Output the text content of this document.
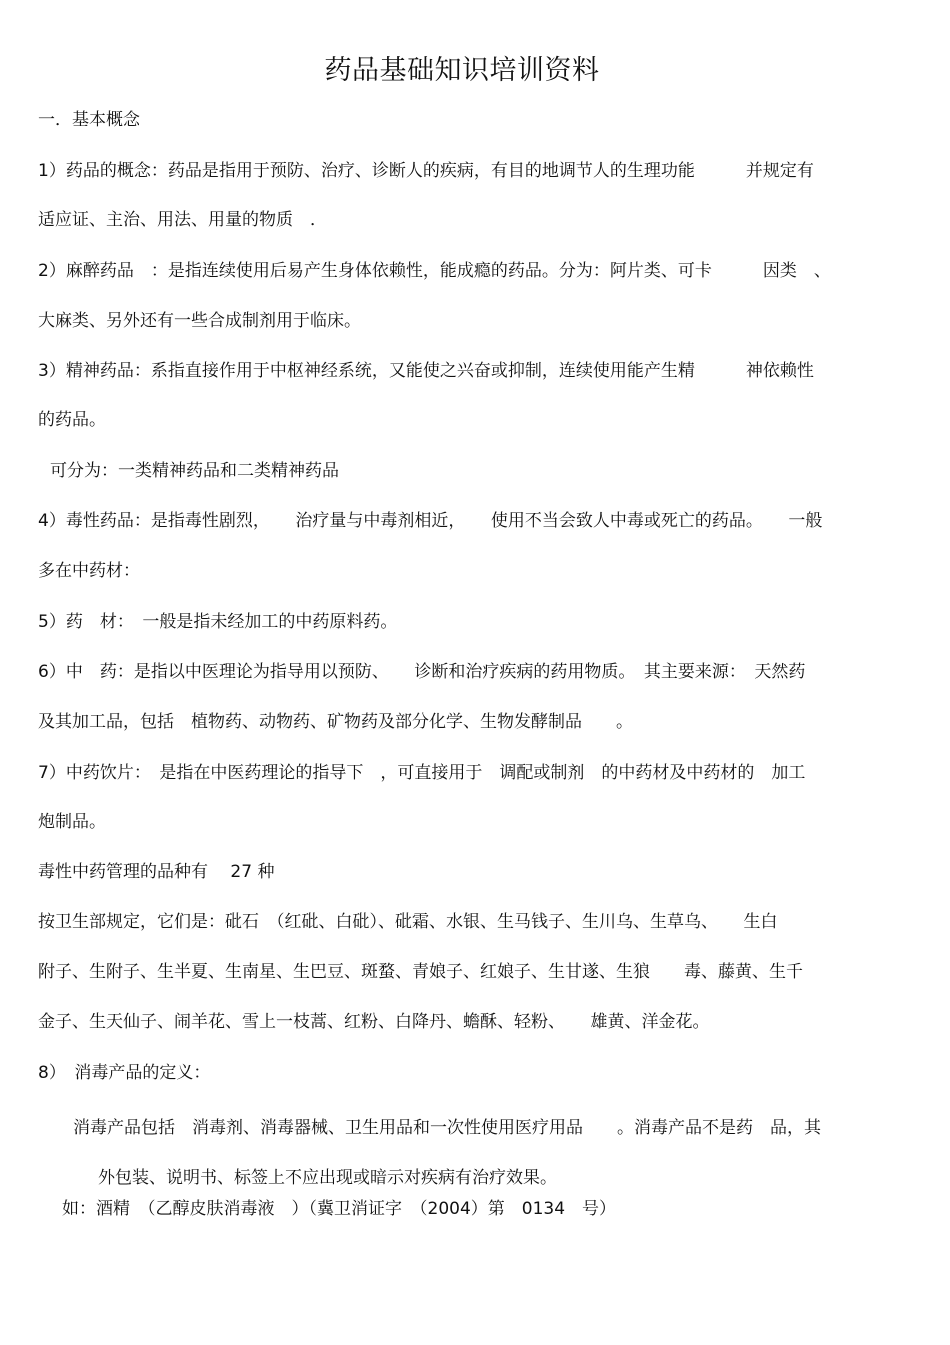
药品基础知识培训资料
一．基本概念
1）药品的概念：药品是指用于预防、治疗、诊断人的疾病，有目的地调节人的生理功能　　　并规定有
适应证、主治、用法、用量的物质　．
2）麻醉药品　：是指连续使用后易产生身体依赖性，能成瘾的药品。分为：阿片类、可卡　　　因类　、
大麻类、另外还有一些合成制剂用于临床。
3）精神药品：系指直接作用于中枢神经系统，又能使之兴奋或抑制，连续使用能产生精　　　神依赖性
的药品。
可分为：一类精神药品和二类精神药品
4）毒性药品：是指毒性剧烈，　　治疗量与中毒剂相近，　　使用不当会致人中毒或死亡的药品。　　一般
多在中药材：
5）药　材：　一般是指未经加工的中药原料药。
6）中　药：是指以中医理论为指导用以预防、　　诊断和治疗疾病的药用物质。　其主要来源：　天然药
及其加工品，包括　植物药、动物药、矿物药及部分化学、生物发酵制品　　。
7）中药饮片：　是指在中医药理论的指导下　，可直接用于　调配或制剂　的中药材及中药材的　加工
炮制品。
毒性中药管理的品种有　 27 种
按卫生部规定，它们是：砒石　（红砒、白砒）、砒霜、水银、生马钱子、生川乌、生草乌、　　生白
附子、生附子、生半夏、生南星、生巴豆、斑蝥、青娘子、红娘子、生甘遂、生狼　　毒、藤黄、生千
金子、生天仙子、闹羊花、雪上一枝蒿、红粉、白降丹、蟾酥、轻粉、　　雄黄、洋金花。
8）　消毒产品的定义：
消毒产品包括　消毒剂、消毒器械、卫生用品和一次性使用医疗用品　　。消毒产品不是药　品，其
外包装、说明书、标签上不应出现或暗示对疾病有治疗效果。
如：酒精　（乙醇皮肤消毒液　）（冀卫消证字　（2004）第　0134　号）
